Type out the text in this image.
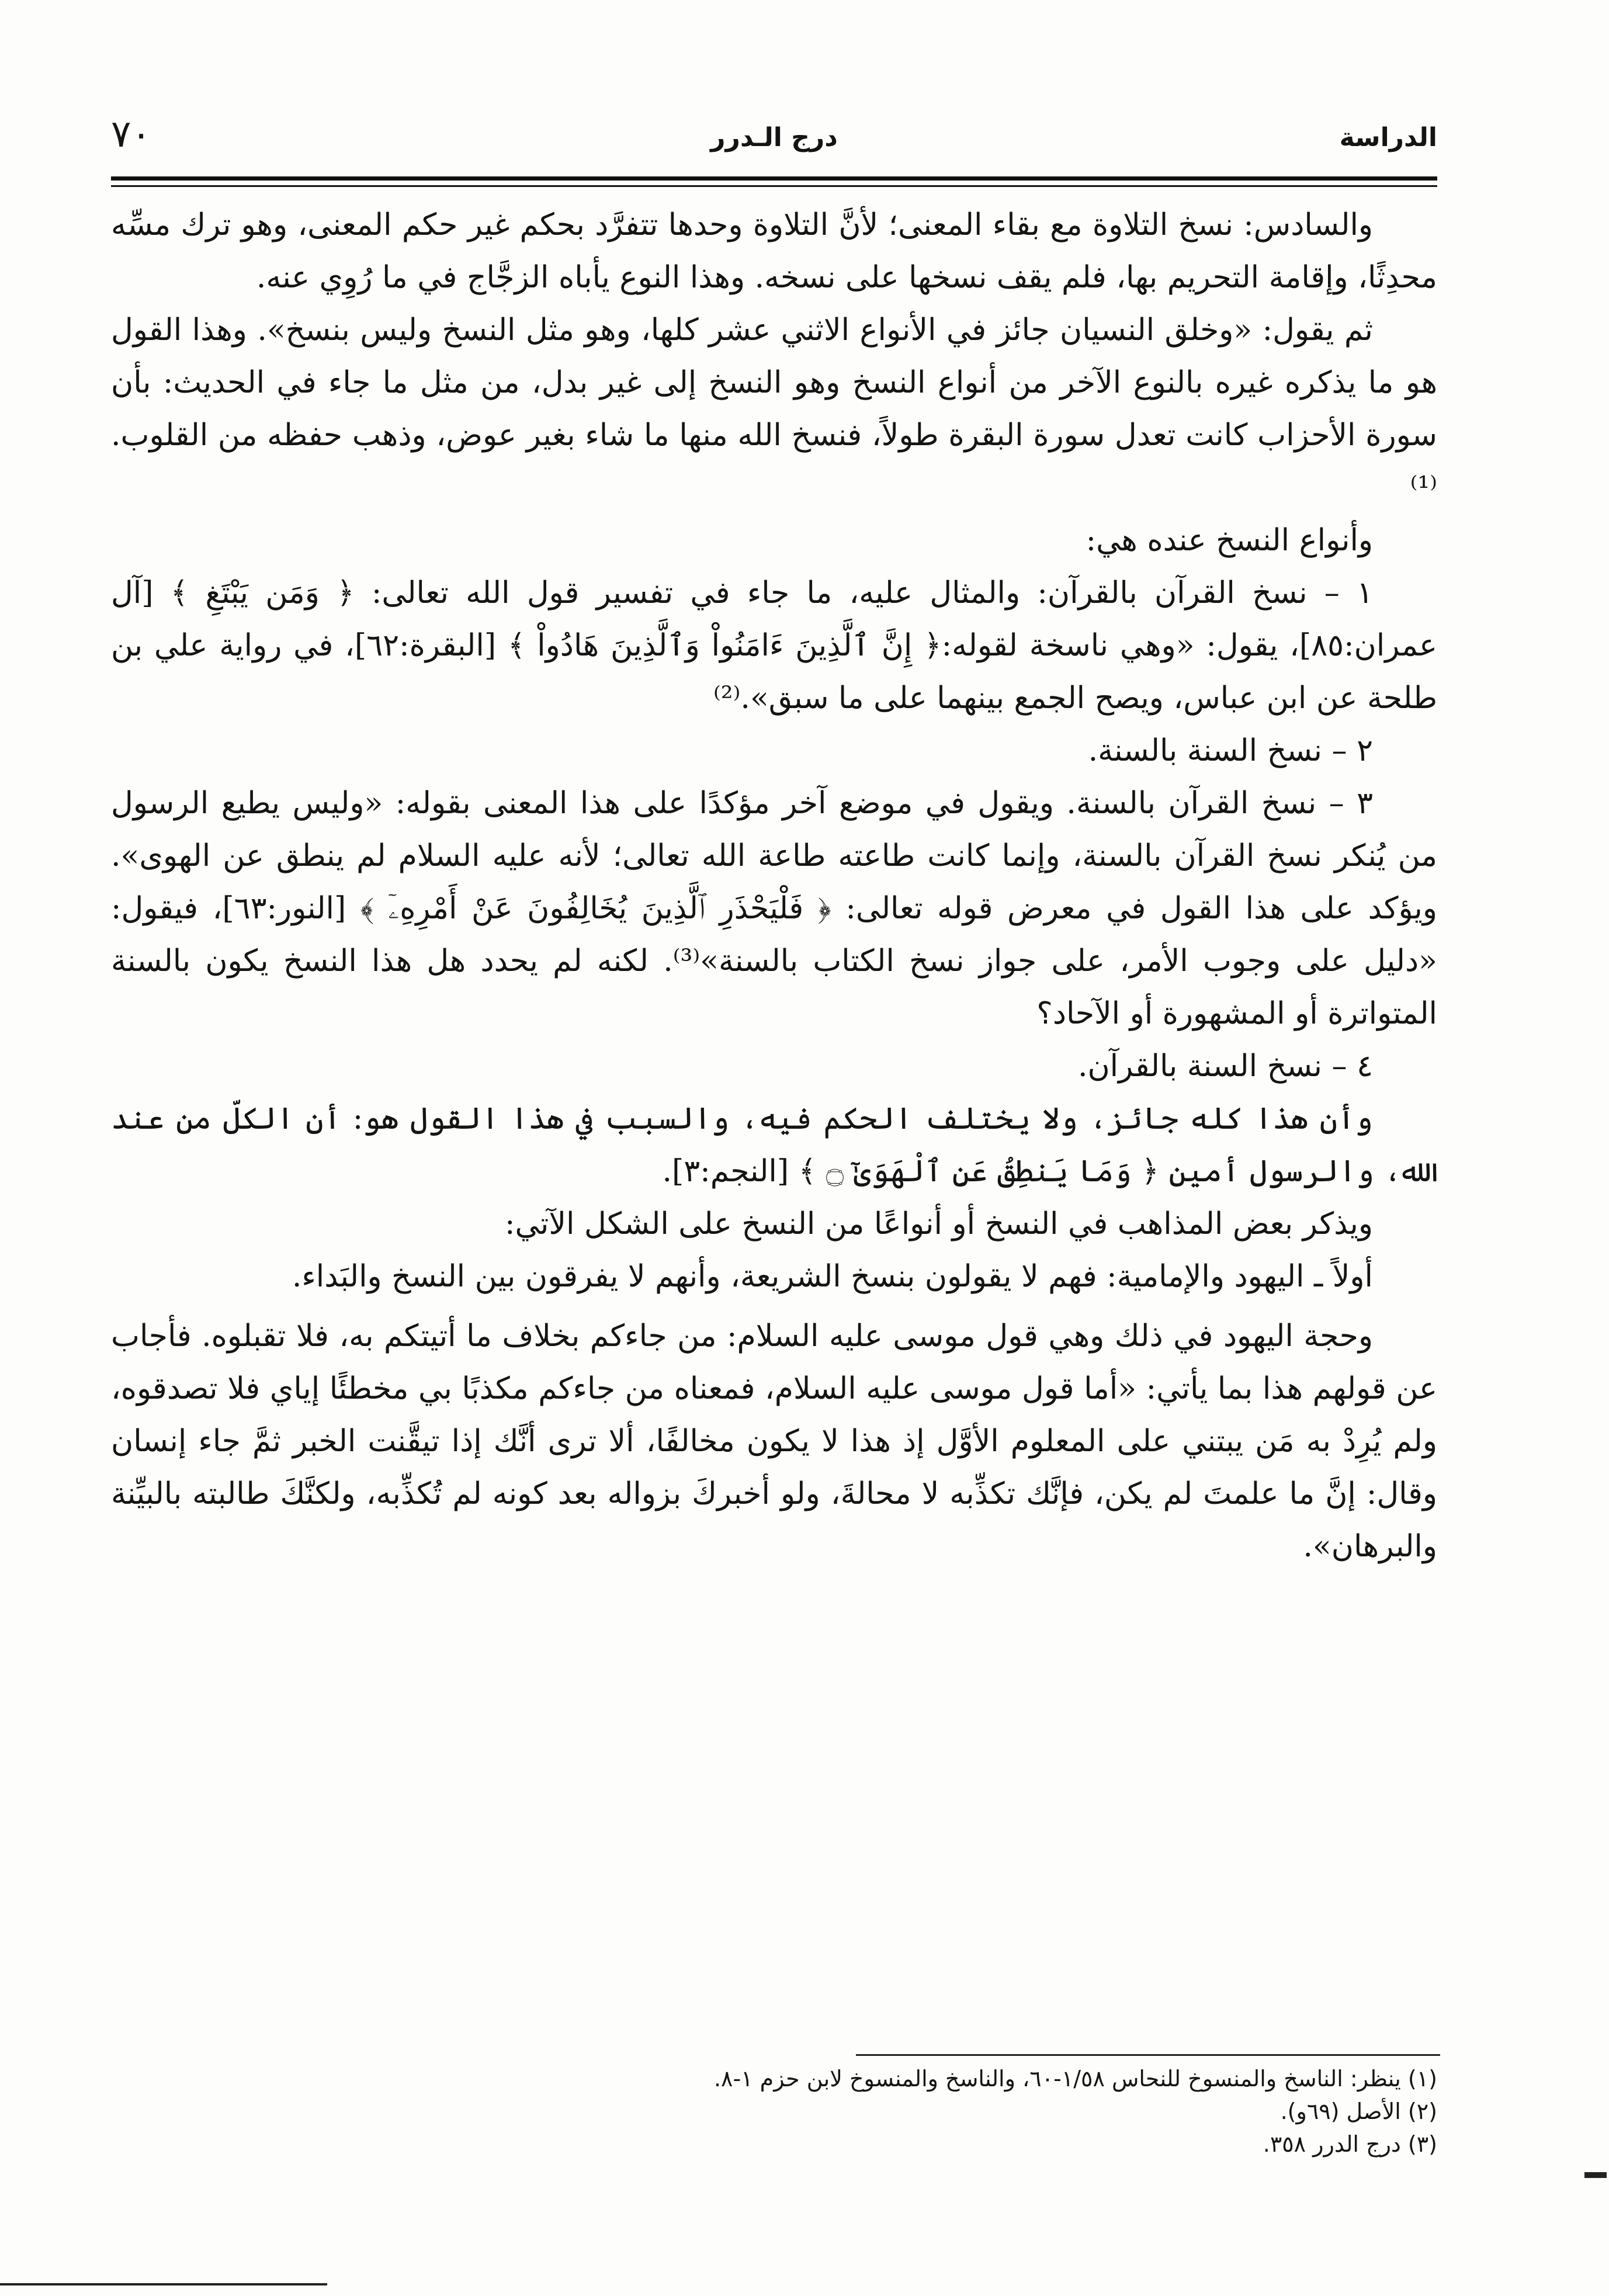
٧٠	درج الـدرر	الدراسة

والسادس: نسخ التلاوة مع بقاء المعنى؛ لأنَّ التلاوة وحدها تتفرَّد بحكم غير حكم المعنى، وهو ترك مسِّه محدِثًا، وإقامة التحريم بها، فلم يقف نسخها على نسخه. وهذا النوع يأباه الزجَّاج في ما رُوِي عنه.

ثم يقول: «وخلق النسيان جائز في الأنواع الاثني عشر كلها، وهو مثل النسخ وليس بنسخ». وهذا القول هو ما يذكره غيره بالنوع الآخر من أنواع النسخ وهو النسخ إلى غير بدل، من مثل ما جاء في الحديث: بأن سورة الأحزاب كانت تعدل سورة البقرة طولاً، فنسخ الله منها ما شاء بغير عوض، وذهب حفظه من القلوب.⁽¹⁾

وأنواع النسخ عنده هي:

١ – نسخ القرآن بالقرآن: والمثال عليه، ما جاء في تفسير قول الله تعالى: ﴿ وَمَن يَبْتَغِ ﴾ [آل عمران:٨٥]، يقول: «وهي ناسخة لقوله:﴿ إِنَّ ٱلَّذِينَ ءَامَنُواْ وَٱلَّذِينَ هَادُواْ ﴾ [البقرة:٦٢]، في رواية علي بن طلحة عن ابن عباس، ويصح الجمع بينهما على ما سبق».⁽²⁾

٢ – نسخ السنة بالسنة.

٣ – نسخ القرآن بالسنة. ويقول في موضع آخر مؤكدًا على هذا المعنى بقوله: «وليس يطيع الرسول من يُنكر نسخ القرآن بالسنة، وإنما كانت طاعته طاعة الله تعالى؛ لأنه عليه السلام لم ينطق عن الهوى». ويؤكد على هذا القول في معرض قوله تعالى: ﴿ فَلْيَحْذَرِ ٱلَّذِينَ يُخَالِفُونَ عَنْ أَمْرِهِۦٓ ﴾ [النور:٦٣]، فيقول: «دليل على وجوب الأمر، على جواز نسخ الكتاب بالسنة»⁽³⁾. لكنه لم يحدد هل هذا النسخ يكون بالسنة المتواترة أو المشهورة أو الآحاد؟

٤ – نسخ السنة بالقرآن.

وأن هذا كله جائز، ولا يختلف الحكم فيه، والسبب في هذا القول هو: أن الكلّ من عند الله، والرسول أمين ﴿ وَمَا يَنطِقُ عَنِ ٱلْهَوَىٰٓ ۝ ﴾ [النجم:٣].

ويذكر بعض المذاهب في النسخ أو أنواعًا من النسخ على الشكل الآتي:

أولاً ـ اليهود والإمامية: فهم لا يقولون بنسخ الشريعة، وأنهم لا يفرقون بين النسخ والبَداء.

وحجة اليهود في ذلك وهي قول موسى عليه السلام: من جاءكم بخلاف ما أتيتكم به، فلا تقبلوه. فأجاب عن قولهم هذا بما يأتي: «أما قول موسى عليه السلام، فمعناه من جاءكم مكذبًا بي مخطئًا إياي فلا تصدقوه، ولم يُرِدْ به مَن يبتني على المعلوم الأوَّل إذ هذا لا يكون مخالفًا، ألا ترى أنَّك إذا تيقَّنت الخبر ثمَّ جاء إنسان وقال: إنَّ ما علمتَ لم يكن، فإنَّك تكذِّبه لا محالةَ، ولو أخبركَ بزواله بعد كونه لم تُكذِّبه، ولكنَّكَ طالبته بالبيِّنة والبرهان».

(١) ينظر: الناسخ والمنسوخ للنحاس ١/٥٨-٦٠، والناسخ والمنسوخ لابن حزم ١-٨.
(٢) الأصل (٦٩و).
(٣) درج الدرر ٣٥٨.
